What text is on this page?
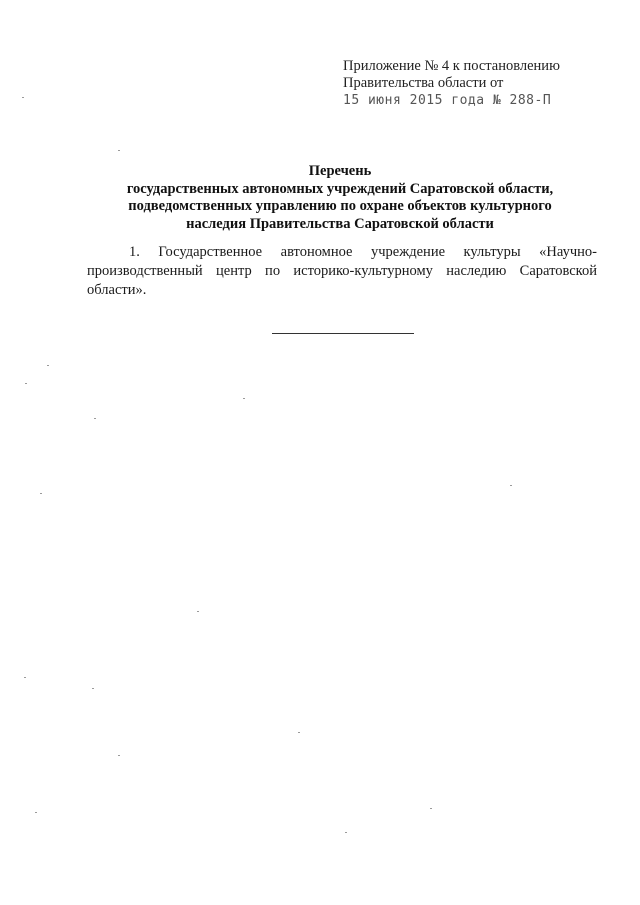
Приложение № 4 к постановлению
Правительства области от
15 июня 2015 года № 288-П
Перечень
государственных автономных учреждений Саратовской области,
подведомственных управлению по охране объектов культурного
наследия Правительства Саратовской области
1. Государственное автономное учреждение культуры «Научно-производственный центр по историко-культурному наследию Саратовской области».
